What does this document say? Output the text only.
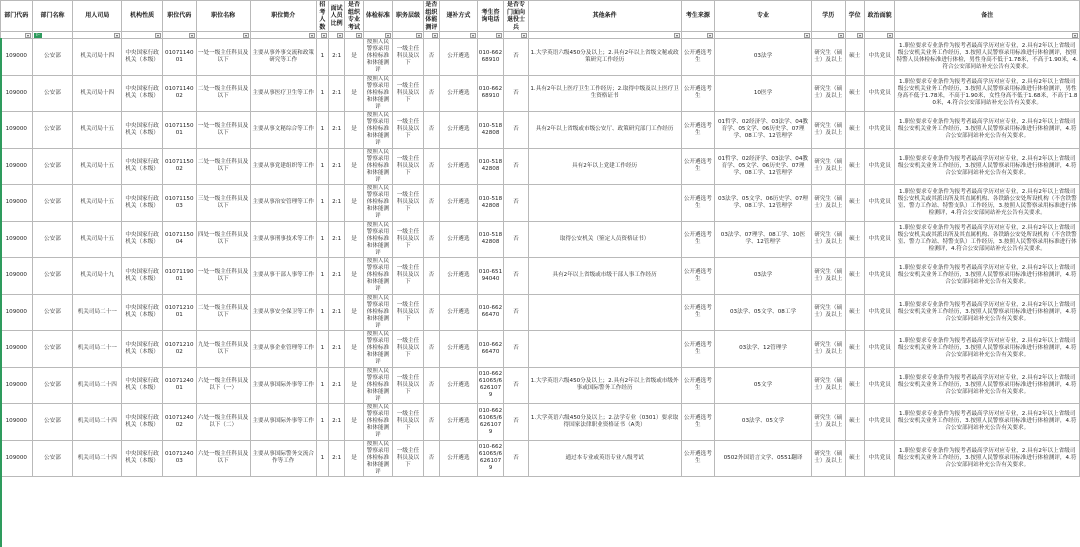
部门代码	部门名称	用人司局	机构性质	职位代码	职位名称	职位简介	招考人数	面试人员比例	是否组织专业考试	体检标准	职务层级	是否组织体能测评	递补方式	考生咨询电话	是否专门面向退役士兵	其他条件	考生来源	专业	学历	学位	政治面貌	备注

	T-																					

109000	公安部	机关司局十四	中央国家行政机关（本级）	0107114001	一处一级主任科员及以下	主要从事外事交流和政策研究等工作	1	2:1	是	按照人民警察录用体检标准和体能测评	一级主任科员及以下	否	公开遴选	010-66268910	否	1.大学英语六级450分及以上；2.具有2年以上省级文秘或政策研究工作经历	公开遴选考生	03法学	研究生（硕士）及以上	硕士	中共党员	1.职位要求专业条件为报考者最高学历对应专业，2.具有2年以上省级司级公安机关业务工作经历，3.按照人民警察录用标准进行体检测评，按照特警人员体检标准进行体检，男性身高不低于1.78米，不高于1.90米，4.符合公安部同站补充公告有关要求。
109000	公安部	机关司局十四	中央国家行政机关（本级）	0107114002	二处一级主任科员及以下	主要从事医疗卫生等工作	1	2:1	是	按照人民警察录用体检标准和体能测评	一级主任科员及以下	否	公开遴选	010-66268910	否	1.具有2年以上医疗卫生工作经历；2.取得中级及以上医疗卫生资格证书	公开遴选考生	10医学	研究生（硕士）及以上	硕士	中共党员	1.职位要求专业条件为报考者最高学历对应专业，2.具有2年以上省级司级公安机关业务工作经历，3.按照人民警察录用标准进行体检测评，男性身高不低于1.78米，不高于1.90米，女性身高不低于1.68米，不高于1.80米，4.符合公安部同站补充公告有关要求。
109000	公安部	机关司局十五	中央国家行政机关（本级）	0107115001	一处一级主任科员及以下	主要从事文秘综合等工作	1	2:1	是	按照人民警察录用体检标准和体能测评	一级主任科员及以下	否	公开遴选	010-51842808	否	具有2年以上省级或市级公安厅、政策研究部门工作经历	公开遴选考生	01哲学、02经济学、03法学、04教育学、05文学、06历史学、07理学、08工学、12管理学	研究生（硕士）及以上	硕士	中共党员	1.职位要求专业条件为报考者最高学历对应专业，2.具有2年以上省级司级公安机关业务工作经历，3.按照人民警察录用标准进行体检测评，4.符合公安部同站补充公告有关要求。
109000	公安部	机关司局十五	中央国家行政机关（本级）	0107115002	二处一级主任科员及以下	主要从事党建组织等工作	1	2:1	是	按照人民警察录用体检标准和体能测评	一级主任科员及以下	否	公开遴选	010-51842808	否	具有2年以上党建工作经历	公开遴选考生	01哲学、02经济学、03法学、04教育学、05文学、06历史学、07理学、08工学、12管理学	研究生（硕士）及以上	硕士	中共党员	1.职位要求专业条件为报考者最高学历对应专业，2.具有2年以上省级司级公安机关业务工作经历，3.按照人民警察录用标准进行体检测评，4.符合公安部同站补充公告有关要求。
109000	公安部	机关司局十五	中央国家行政机关（本级）	0107115003	三处一级主任科员及以下	主要从事治安管理等工作	1	2:1	是	按照人民警察录用体检标准和体能测评	一级主任科员及以下	否	公开遴选	010-51842808	否		公开遴选考生	03法学、05文学、06历史学、07理学、08工学、12管理学	研究生（硕士）及以上	硕士	中共党员	1.职位要求专业条件为报考者最高学历对应专业，2.具有2年以上省级司级公安机关或其派出所及其直属机构、各铁路公安处所设机构（不含铁警室、警力工作站、特警支队）工作经历，3.按照人民警察录用标准进行体检测评，4.符合公安部同站补充公告有关要求。
109000	公安部	机关司局十五	中央国家行政机关（本级）	0107115004	四处一级主任科员及以下	主要从事刑事技术等工作	1	2:1	是	按照人民警察录用体检标准和体能测评	一级主任科员及以下	否	公开遴选	010-51842808	否	取得公安机关（鉴定人员资格证书）	公开遴选考生	03法学、07理学、08工学、10医学、12管理学	研究生（硕士）及以上	硕士	中共党员	1.职位要求专业条件为报考者最高学历对应专业，2.具有2年以上省级司级公安机关或其派出所及其直属机构、各铁路公安处所设机构（不含铁警室、警力工作站、特警支队）工作经历，3.按照人民警察录用标准进行体检测评，4.符合公安部同站补充公告有关要求。
109000	公安部	机关司局十九	中央国家行政机关（本级）	0107119001	一处一级主任科员及以下	主要从事干部人事等工作	1	2:1	是	按照人民警察录用体检标准和体能测评	一级主任科员及以下	否	公开遴选	010-65194040	否	具有2年以上省级或市级干部人事工作经历	公开遴选考生	03法学	研究生（硕士）及以上	硕士	中共党员	1.职位要求专业条件为报考者最高学历对应专业，2.具有2年以上省级司级公安机关业务工作经历，3.按照人民警察录用标准进行体检测评，4.符合公安部同站补充公告有关要求。
109000	公安部	机关司局二十一	中央国家行政机关（本级）	0107121001	二处一级主任科员及以下	主要从事安全保卫等工作	1	2:1	是	按照人民警察录用体检标准和体能测评	一级主任科员及以下	否	公开遴选	010-66266470	否		公开遴选考生	03法学、05文学、08工学	研究生（硕士）及以上	硕士	中共党员	1.职位要求专业条件为报考者最高学历对应专业，2.具有2年以上省级司级公安机关业务工作经历，3.按照人民警察录用标准进行体检测评，4.符合公安部同站补充公告有关要求。
109000	公安部	机关司局二十一	中央国家行政机关（本级）	0107121002	九处一级主任科员及以下	主要从事企业管理等工作	1	2:1	是	按照人民警察录用体检标准和体能测评	一级主任科员及以下	否	公开遴选	010-66266470	否		公开遴选考生	03法学、12管理学	研究生（硕士）及以上	硕士	中共党员	1.职位要求专业条件为报考者最高学历对应专业，2.具有2年以上省级司级公安机关业务工作经历，3.按照人民警察录用标准进行体检测评，4.符合公安部同站补充公告有关要求。
109000	公安部	机关司局二十四	中央国家行政机关（本级）	0107124001	六处一级主任科员及以下（一）	主要从事国际外事等工作	1	2:1	是	按照人民警察录用体检标准和体能测评	一级主任科员及以下	否	公开遴选	010-66261065/66261079	否	1.大学英语六级450分及以上；2.具有2年以上省级或市级外事或国际警务工作经历	公开遴选考生	05文学	研究生（硕士）及以上	硕士	中共党员	1.职位要求专业条件为报考者最高学历对应专业，2.具有2年以上省级司级公安机关业务工作经历，3.按照人民警察录用标准进行体检测评，4.符合公安部同站补充公告有关要求。
109000	公安部	机关司局二十四	中央国家行政机关（本级）	0107124002	六处一级主任科员及以下（二）	主要从事国际外事等工作	1	2:1	是	按照人民警察录用体检标准和体能测评	一级主任科员及以下	否	公开遴选	010-66261065/66261079	否	1.大学英语六级450分及以上；2.法学专业（0301）要求取得国家法律职业资格证书（A类）	公开遴选考生	03法学、05文学	研究生（硕士）及以上	硕士	中共党员	1.职位要求专业条件为报考者最高学历对应专业，2.具有2年以上省级司级公安机关业务工作经历，3.按照人民警察录用标准进行体检测评，4.符合公安部同站补充公告有关要求。
109000	公安部	机关司局二十四	中央国家行政机关（本级）	0107124003	六处一级主任科员及以下	主要从事国际警务交流合作等工作	1	2:1	是	按照人民警察录用体检标准和体能测评	一级主任科员及以下	否	公开遴选	010-66261065/66261079	否	通过本专业或英语专业八级考试	公开遴选考生	0502外国语言文学、0551翻译	研究生（硕士）及以上	硕士	中共党员	1.职位要求专业条件为报考者最高学历对应专业，2.具有2年以上省级司级公安机关业务工作经历，3.按照人民警察录用标准进行体检测评，4.符合公安部同站补充公告有关要求。
